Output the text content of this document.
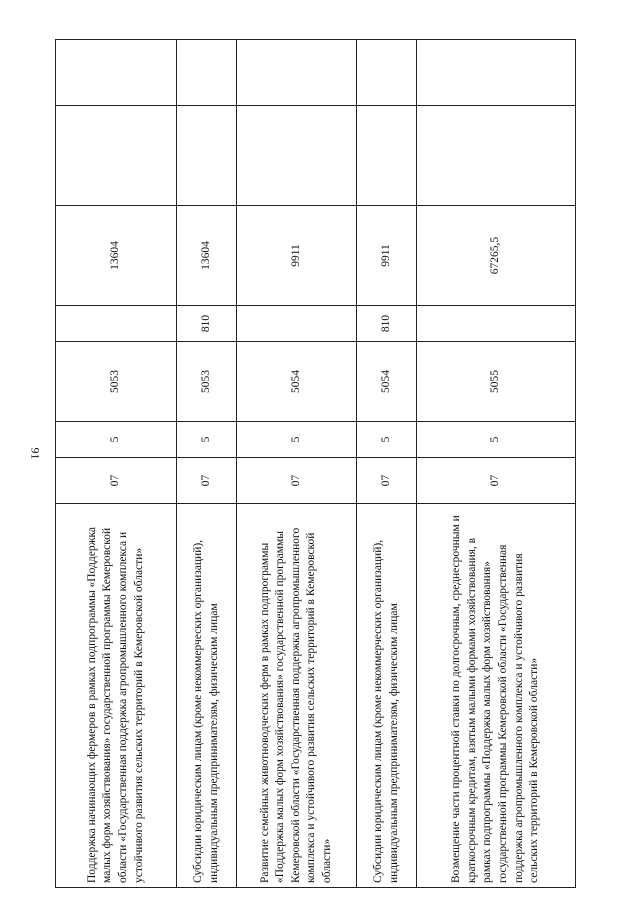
91
Поддержка начинающих фермеров в рамках подпрограммы «Поддержка малых форм хозяйствования» государственной программы Кемеровской области «Государственная поддержка агропромышленного комплекса и устойчивого развития сельских территорий в Кемеровской области»	07	5	5053		13604		
Субсидии юридическим лицам (кроме некоммерческих организаций), индивидуальным предпринимателям, физическим лицам	07	5	5053	810	13604		
Развитие семейных животноводческих ферм в рамках подпрограммы «Поддержка малых форм хозяйствования» государственной программы Кемеровской области «Государственная поддержка агропромышленного комплекса и устойчивого развития сельских территорий в Кемеровской области»	07	5	5054		9911		
Субсидии юридическим лицам (кроме некоммерческих организаций), индивидуальным предпринимателям, физическим лицам	07	5	5054	810	9911		
Возмещение части процентной ставки по долгосрочным, среднесрочным и краткосрочным кредитам, взятым малыми формами хозяйствования, в рамках подпрограммы «Поддержка малых форм хозяйствования» государственной программы Кемеровской области «Государственная поддержка агропромышленного комплекса и устойчивого развития сельских территорий в Кемеровской области»	07	5	5055		67265,5		
